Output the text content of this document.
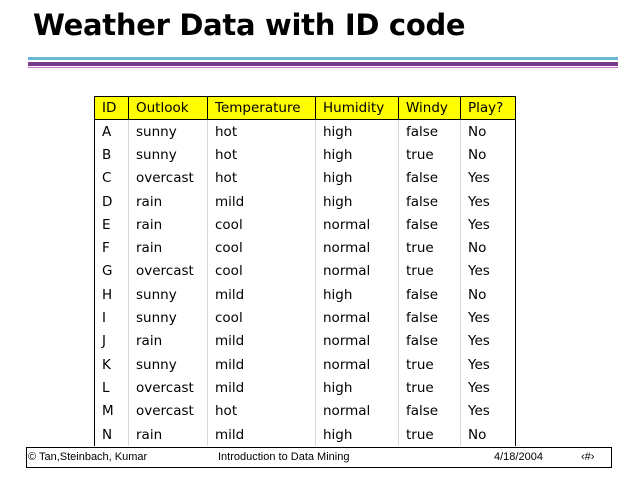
Weather Data with ID code
ID	Outlook	Temperature	Humidity	Windy	Play?
A	sunny	hot	high	false	No
B	sunny	hot	high	true	No
C	overcast	hot	high	false	Yes
D	rain	mild	high	false	Yes
E	rain	cool	normal	false	Yes
F	rain	cool	normal	true	No
G	overcast	cool	normal	true	Yes
H	sunny	mild	high	false	No
I	sunny	cool	normal	false	Yes
J	rain	mild	normal	false	Yes
K	sunny	mild	normal	true	Yes
L	overcast	mild	high	true	Yes
M	overcast	hot	normal	false	Yes
N	rain	mild	high	true	No
© Tan,Steinbach, Kumar	Introduction to Data Mining	4/18/2004	‹#›
